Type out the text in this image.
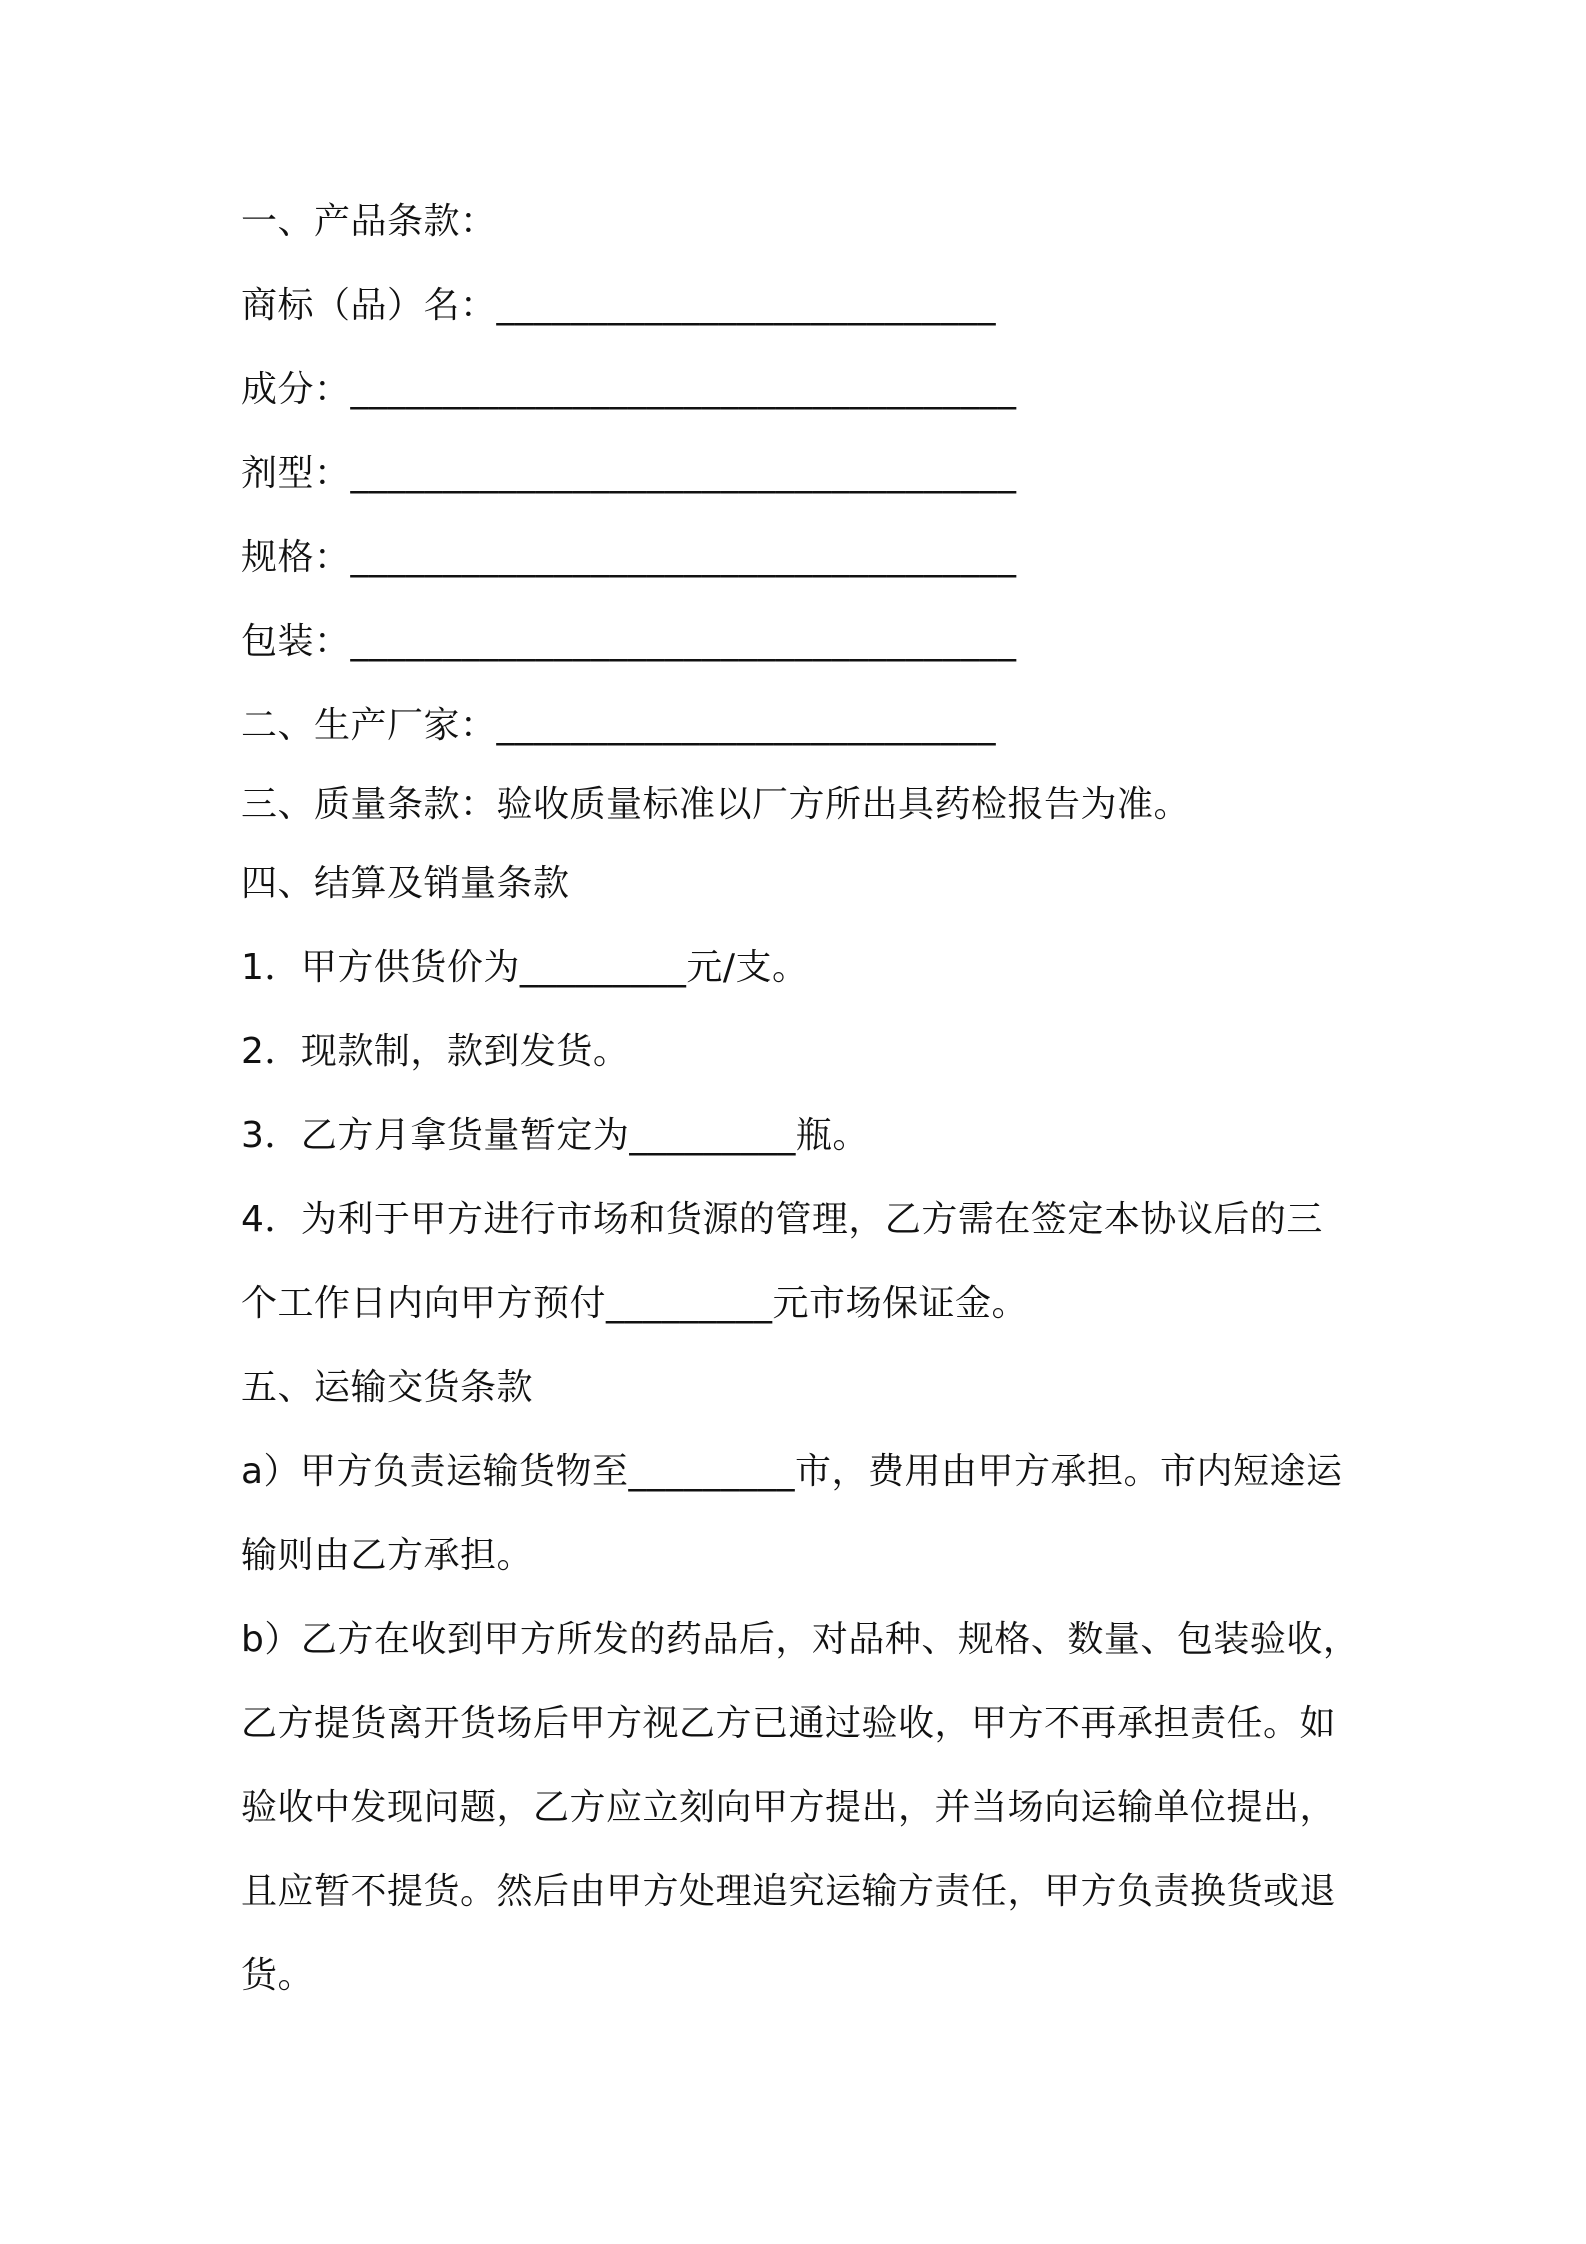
一、产品条款：

商标（品）名：___________________________

成分：____________________________________

剂型：____________________________________

规格：____________________________________

包装：____________________________________

二、生产厂家：___________________________

三、质量条款：验收质量标准以厂方所出具药检报告为准。

四、结算及销量条款

1．甲方供货价为_________元/支。

2．现款制，款到发货。

3．乙方月拿货量暂定为_________瓶。

4．为利于甲方进行市场和货源的管理，乙方需在签定本协议后的三

个工作日内向甲方预付_________元市场保证金。

五、运输交货条款

a）甲方负责运输货物至_________市，费用由甲方承担。市内短途运

输则由乙方承担。

b）乙方在收到甲方所发的药品后，对品种、规格、数量、包装验收，

乙方提货离开货场后甲方视乙方已通过验收，甲方不再承担责任。如

验收中发现问题，乙方应立刻向甲方提出，并当场向运输单位提出，

且应暂不提货。然后由甲方处理追究运输方责任，甲方负责换货或退

货。
